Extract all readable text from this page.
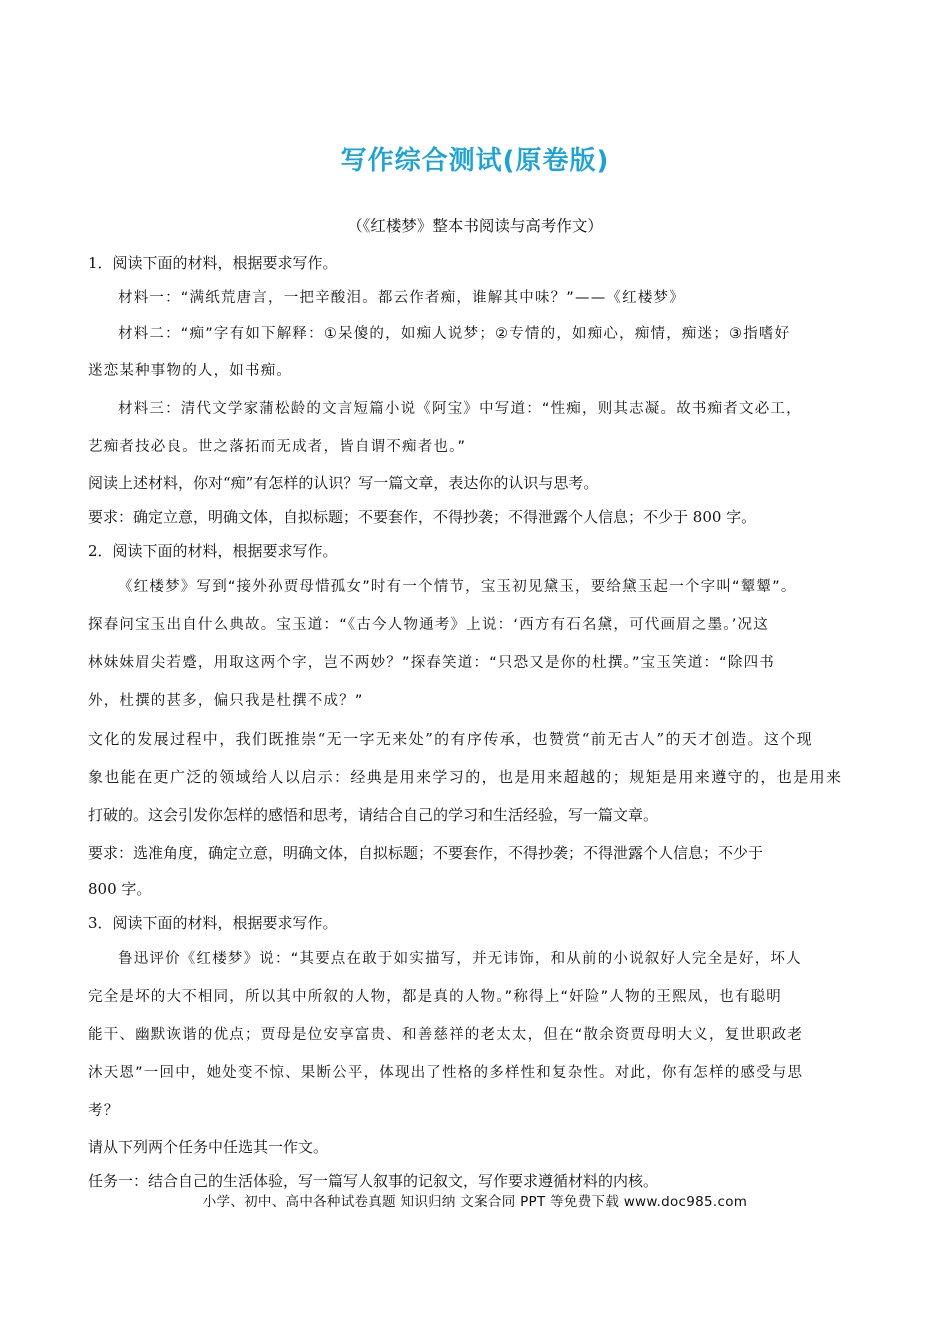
写作综合测试(原卷版)
（《红楼梦》整本书阅读与高考作文）
1．阅读下面的材料，根据要求写作。
材料一：“满纸荒唐言，一把辛酸泪。都云作者痴，谁解其中味？”——《红楼梦》
材料二：“痴”字有如下解释：①呆傻的，如痴人说梦；②专情的，如痴心，痴情，痴迷；③指嗜好
迷恋某种事物的人，如书痴。
材料三：清代文学家蒲松龄的文言短篇小说《阿宝》中写道：“性痴，则其志凝。故书痴者文必工，
艺痴者技必良。世之落拓而无成者，皆自谓不痴者也。”
阅读上述材料，你对“痴”有怎样的认识？写一篇文章，表达你的认识与思考。
要求：确定立意，明确文体，自拟标题；不要套作，不得抄袭；不得泄露个人信息；不少于 800 字。
2．阅读下面的材料，根据要求写作。
《红楼梦》写到“接外孙贾母惜孤女”时有一个情节，宝玉初见黛玉，要给黛玉起一个字叫“颦颦”。
探春问宝玉出自什么典故。宝玉道：“《古今人物通考》上说：‘西方有石名黛，可代画眉之墨。’况这
林妹妹眉尖若蹙，用取这两个字，岂不两妙？”探春笑道：“只恐又是你的杜撰。”宝玉笑道：“除四书
外，杜撰的甚多，偏只我是杜撰不成？”
文化的发展过程中，我们既推崇“无一字无来处”的有序传承，也赞赏“前无古人”的天才创造。这个现
象也能在更广泛的领域给人以启示：经典是用来学习的，也是用来超越的；规矩是用来遵守的，也是用来
打破的。这会引发你怎样的感悟和思考，请结合自己的学习和生活经验，写一篇文章。
要求：选准角度，确定立意，明确文体，自拟标题；不要套作，不得抄袭；不得泄露个人信息；不少于
800 字。
3．阅读下面的材料，根据要求写作。
鲁迅评价《红楼梦》说：“其要点在敢于如实描写，并无讳饰，和从前的小说叙好人完全是好，坏人
完全是坏的大不相同，所以其中所叙的人物，都是真的人物。”称得上“奸险”人物的王熙凤，也有聪明
能干、幽默诙谐的优点；贾母是位安享富贵、和善慈祥的老太太，但在“散余资贾母明大义，复世职政老
沐天恩”一回中，她处变不惊、果断公平，体现出了性格的多样性和复杂性。对此，你有怎样的感受与思
考？
请从下列两个任务中任选其一作文。
任务一：结合自己的生活体验，写一篇写人叙事的记叙文，写作要求遵循材料的内核。
小学、初中、高中各种试卷真题 知识归纳 文案合同 PPT 等免费下载 www.doc985.com
